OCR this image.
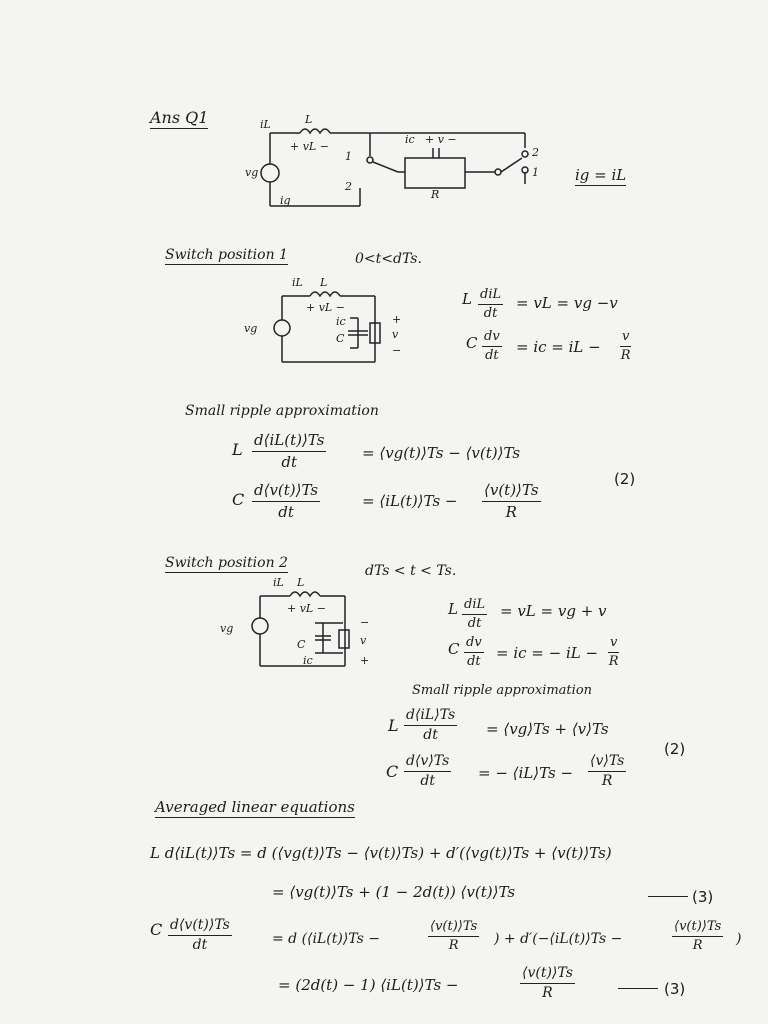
Ans Q1	iL	L
+ vL −
vg
ig
1
2
ic + v −
R
2
1 ig = iL
Switch position 1	0<t<dTs.
iL L
+ vL −
vg
ic
C	v
+
−
L diL
dt
= vL = vg −v
C $\frac{dv}{dt}$ = ic = iL − $\frac{v}{R}$
Small ripple approximation
L $\frac{d⟨iL(t)⟩Ts}{dt}$ = ⟨vg(t)⟩Ts − ⟨v(t)⟩Ts
C $\frac{d⟨v(t)⟩Ts}{dt}$	= ⟨iL(t)⟩Ts − $\frac{⟨v(t)⟩Ts}{R}$
(2)
Switch position 2	dTs < t < Ts.
iL L
+ vL −
vg
C
ic
−
v
+
L diL
dt
= vL = vg + v
C $\frac{dv}{dt}$ = ic = − iL − $\frac{v}{R}$
Small ripple approximation
L $\frac{d⟨iL⟩Ts}{dt}$ = ⟨vg⟩Ts + ⟨v⟩Ts
C $\frac{d⟨v⟩Ts}{dt}$ = − ⟨iL⟩Ts − $\frac{⟨v⟩Ts}{R}$
(2)
Averaged linear equations
L d⟨iL(t)⟩Ts = d (⟨vg(t)⟩Ts − ⟨v(t)⟩Ts) + d′(⟨vg(t)⟩Ts + ⟨v(t)⟩Ts)
= ⟨vg(t)⟩Ts + (1 − 2d(t)) ⟨v(t)⟩Ts	(3)
C $\frac{d⟨v(t)⟩Ts}{dt}$	= d (⟨iL(t)⟩Ts −	$\frac{⟨v(t)⟩Ts}{R}$ ) + d′(−⟨iL(t)⟩Ts −	$\frac{⟨v(t)⟩Ts}{R}$ )
= (2d(t) − 1) ⟨iL(t)⟩Ts −	$\frac{⟨v(t)⟩Ts}{R}$	(3)
